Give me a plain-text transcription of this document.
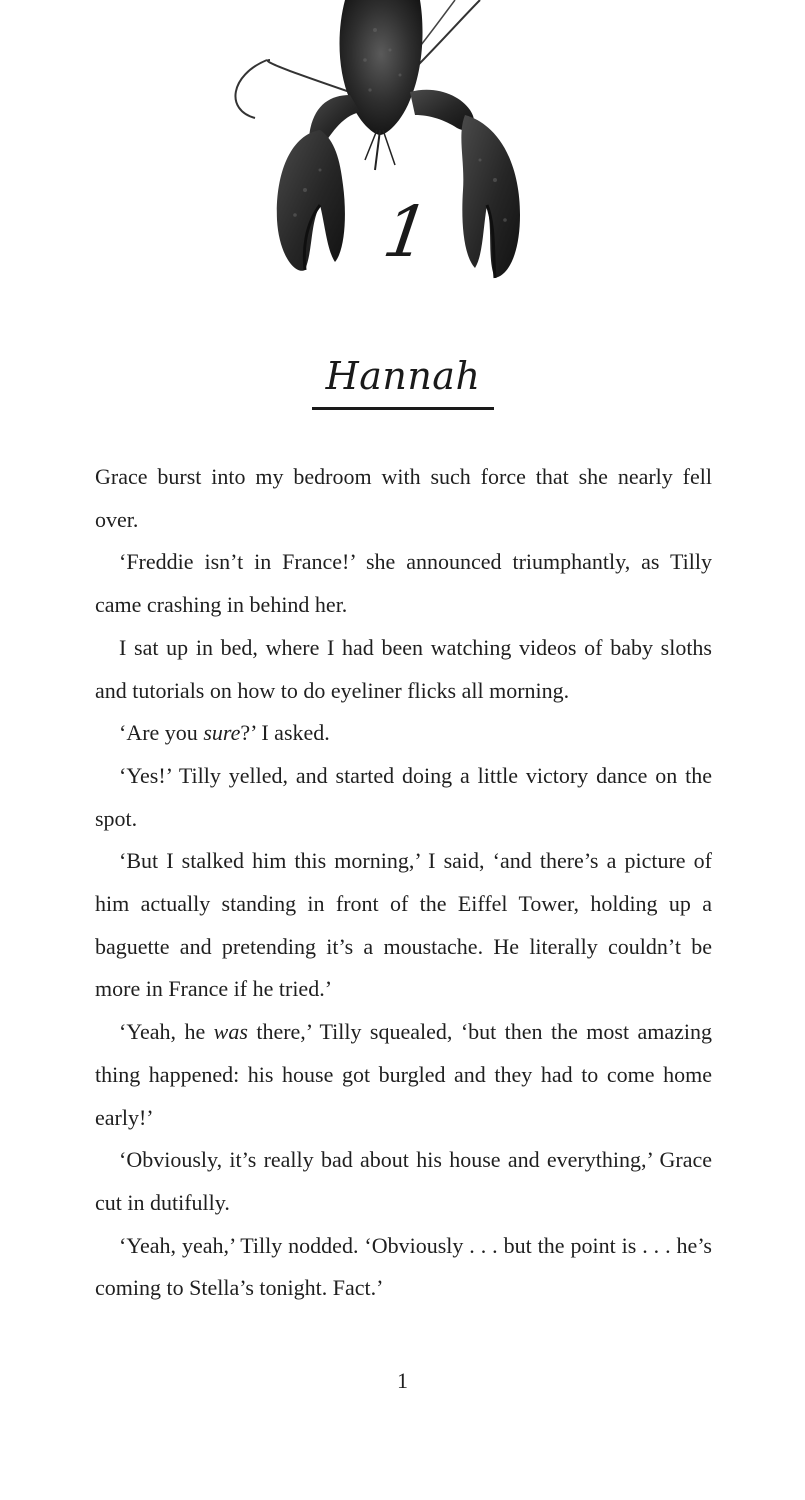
1
Hannah

Grace burst into my bedroom with such force that she nearly fell over.

‘Freddie isn’t in France!’ she announced triumphantly, as Tilly came crashing in behind her.

I sat up in bed, where I had been watching videos of baby sloths and tutorials on how to do eyeliner flicks all morning.

‘Are you sure?’ I asked.

‘Yes!’ Tilly yelled, and started doing a little victory dance on the spot.

‘But I stalked him this morning,’ I said, ‘and there’s a picture of him actually standing in front of the Eiffel Tower, holding up a baguette and pretending it’s a moustache. He literally couldn’t be more in France if he tried.’

‘Yeah, he was there,’ Tilly squealed, ‘but then the most amazing thing happened: his house got burgled and they had to come home early!’

‘Obviously, it’s really bad about his house and everything,’ Grace cut in dutifully.

‘Yeah, yeah,’ Tilly nodded. ‘Obviously . . . but the point is . . . he’s coming to Stella’s tonight. Fact.’

1
